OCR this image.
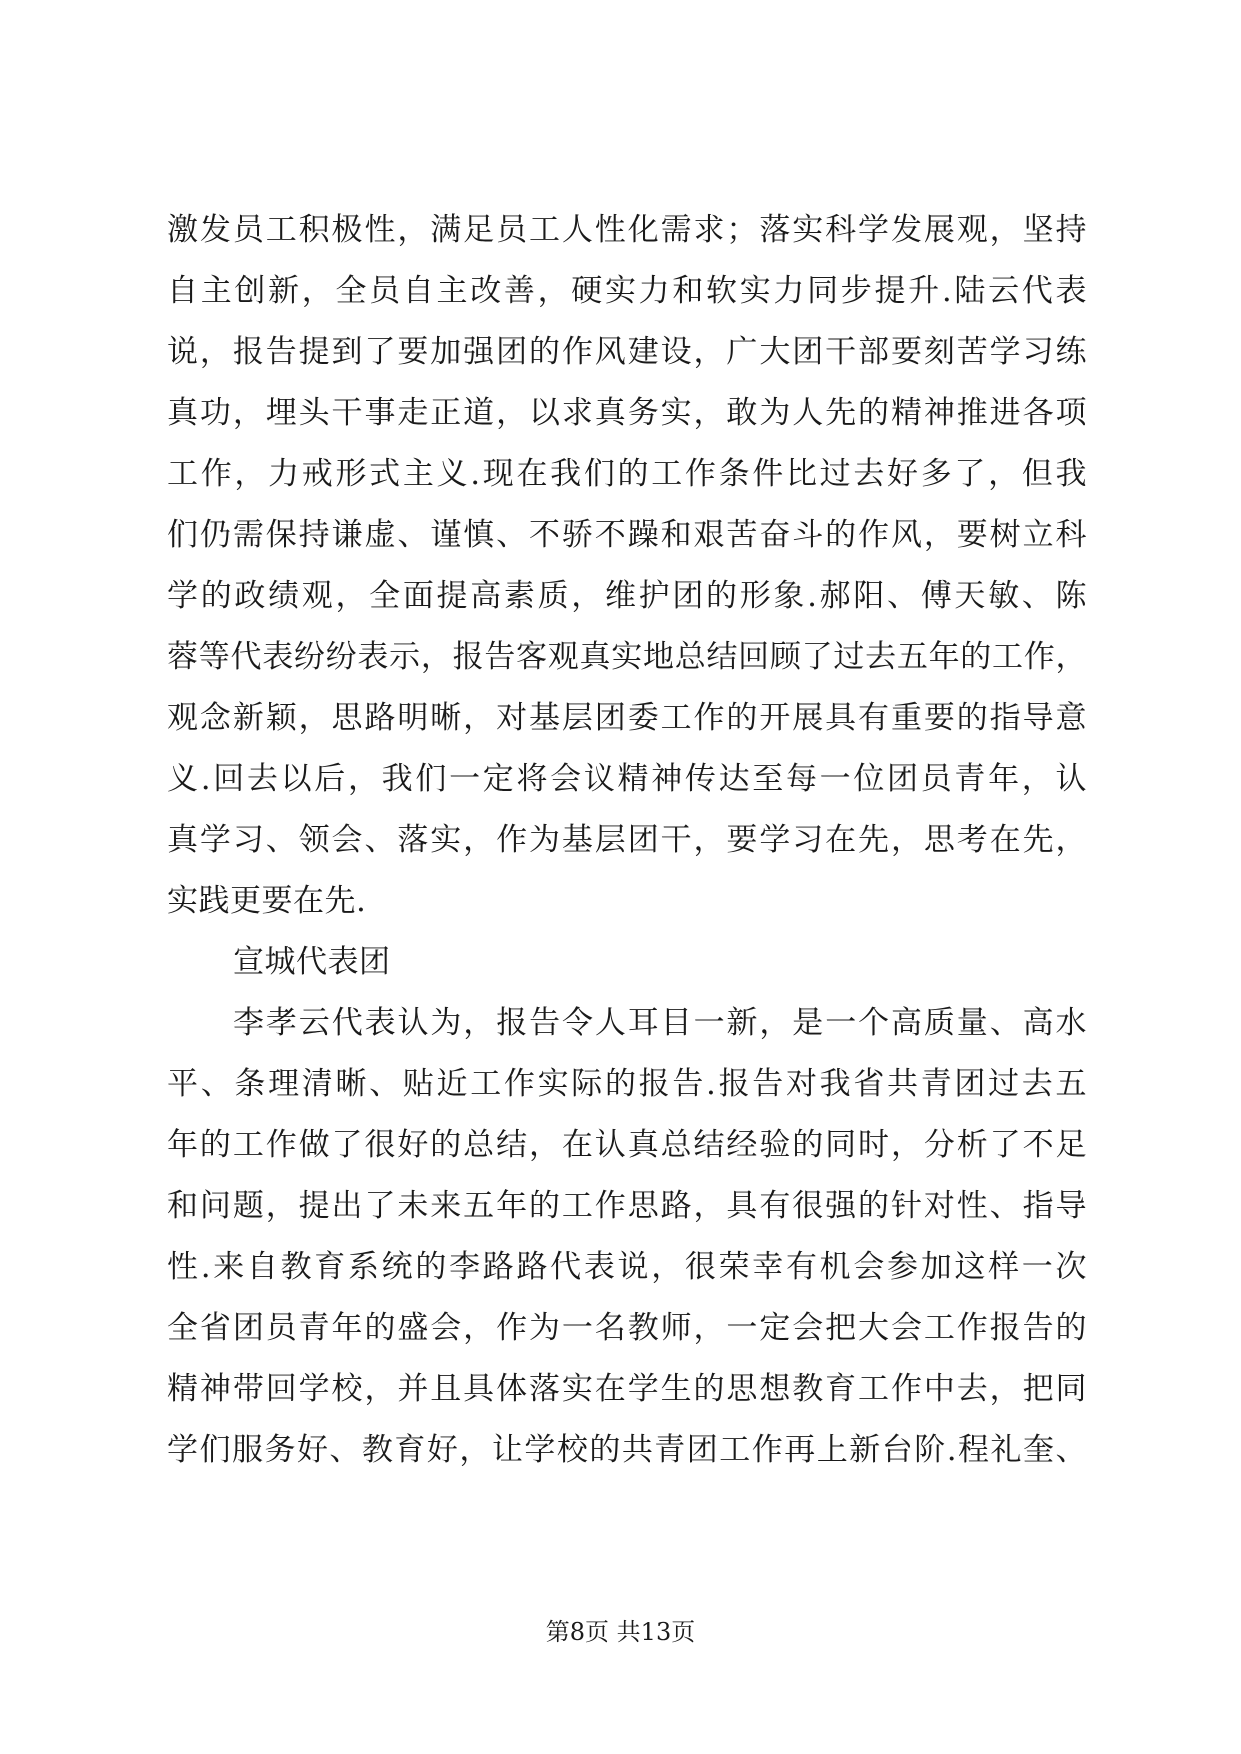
激发员工积极性，满足员工人性化需求；落实科学发展观，坚持
自主创新，全员自主改善，硬实力和软实力同步提升.陆云代表
说，报告提到了要加强团的作风建设，广大团干部要刻苦学习练
真功，埋头干事走正道，以求真务实，敢为人先的精神推进各项
工作，力戒形式主义.现在我们的工作条件比过去好多了，但我
们仍需保持谦虚、谨慎、不骄不躁和艰苦奋斗的作风，要树立科
学的政绩观，全面提高素质，维护团的形象.郝阳、傅天敏、陈
蓉等代表纷纷表示，报告客观真实地总结回顾了过去五年的工作，
观念新颖，思路明晰，对基层团委工作的开展具有重要的指导意
义.回去以后，我们一定将会议精神传达至每一位团员青年，认
真学习、领会、落实，作为基层团干，要学习在先，思考在先，
实践更要在先.
宣城代表团
李孝云代表认为，报告令人耳目一新，是一个高质量、高水
平、条理清晰、贴近工作实际的报告.报告对我省共青团过去五
年的工作做了很好的总结，在认真总结经验的同时，分析了不足
和问题，提出了未来五年的工作思路，具有很强的针对性、指导
性.来自教育系统的李路路代表说，很荣幸有机会参加这样一次
全省团员青年的盛会，作为一名教师，一定会把大会工作报告的
精神带回学校，并且具体落实在学生的思想教育工作中去，把同
学们服务好、教育好，让学校的共青团工作再上新台阶.程礼奎、
第8页 共13页
